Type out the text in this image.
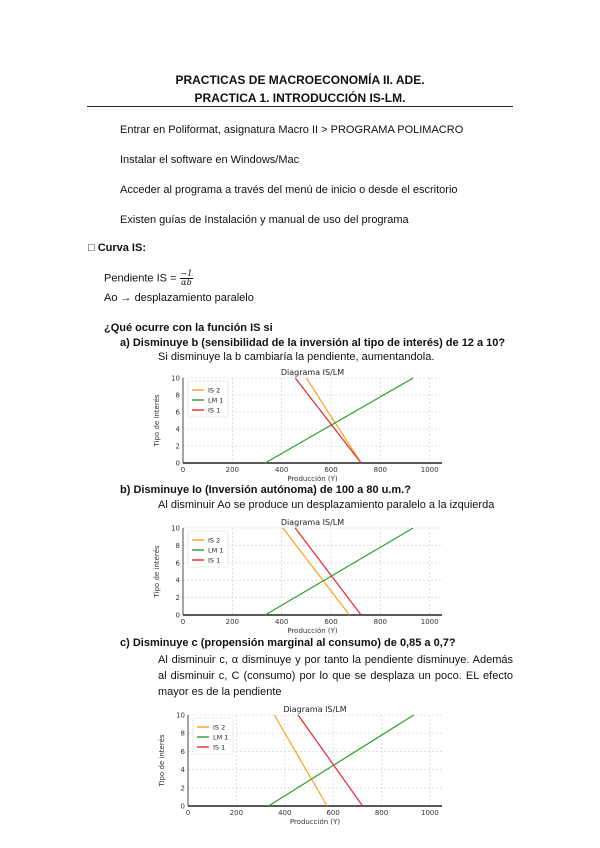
PRACTICAS DE MACROECONOMÍA II. ADE.
PRACTICA 1. INTRODUCCIÓN IS-LM.
Entrar en Poliformat, asignatura Macro II > PROGRAMA POLIMACRO
Instalar el software en Windows/Mac
Acceder al programa a través del menú de inicio o desde el escritorio
Existen guías de Instalación y manual de uso del programa
□ Curva IS:
Pendiente IS = $\frac{-1}{\alpha b}$
Ao → desplazamiento paralelo
¿Qué ocurre con la función IS si
a) Disminuye b (sensibilidad de la inversión al tipo de interés) de 12 a 10?
Si disminuye la b cambiaría la pendiente, aumentandola.
0	200	400	600	800	1000
0
2
4
6
8
10
Diagrama IS/LM
Producción (Y)
Tipo de interés
IS 2
LM 1
IS 1
b) Disminuye Io (Inversión autónoma) de 100 a 80 u.m.?
Al disminuir Ao se produce un desplazamiento paralelo a la izquierda
0	200	400	600	800	1000
0
2
4
6
8
10
Diagrama IS/LM
Producción (Y)
Tipo de interés
IS 2
LM 1
IS 1
c) Disminuye c (propensión marginal al consumo) de 0,85 a 0,7?
Al disminuir c, α disminuye y por tanto la pendiente disminuye. Además al disminuir c, C (consumo) por lo que se desplaza un poco. EL efecto mayor es de la pendiente
0	200	400	600	800	1000
0
2
4
6
8
10
Diagrama IS/LM
Producción (Y)
Tipo de interés
IS 2
LM 1
IS 1
